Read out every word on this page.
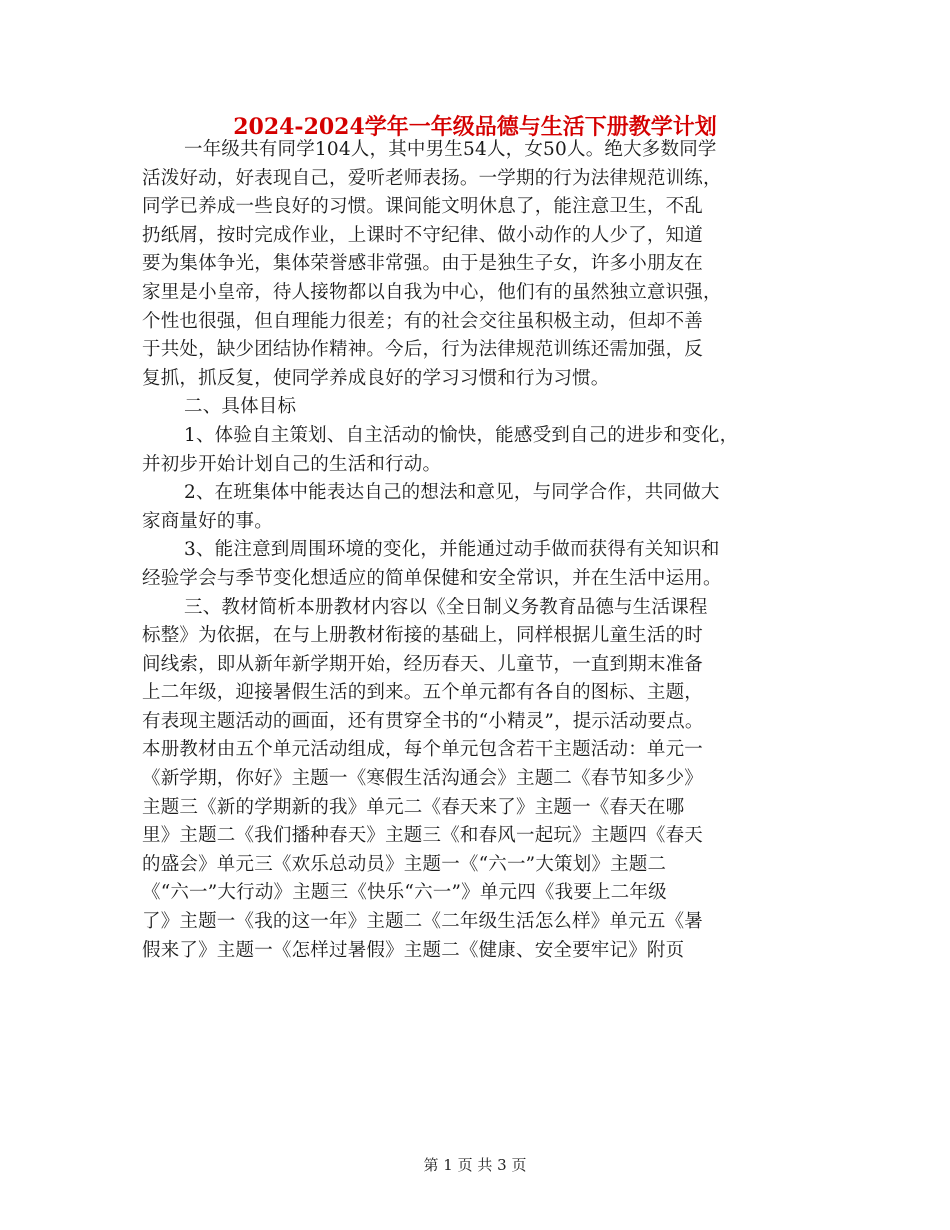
2024-2024学年一年级品德与生活下册教学计划
一年级共有同学104人，其中男生54人，女50人。绝大多数同学
活泼好动，好表现自己，爱听老师表扬。一学期的行为法律规范训练，
同学已养成一些良好的习惯。课间能文明休息了，能注意卫生，不乱
扔纸屑，按时完成作业，上课时不守纪律、做小动作的人少了，知道
要为集体争光，集体荣誉感非常强。由于是独生子女，许多小朋友在
家里是小皇帝，待人接物都以自我为中心，他们有的虽然独立意识强，
个性也很强，但自理能力很差；有的社会交往虽积极主动，但却不善
于共处，缺少团结协作精神。今后，行为法律规范训练还需加强，反
复抓，抓反复，使同学养成良好的学习习惯和行为习惯。
二、具体目标
1、体验自主策划、自主活动的愉快，能感受到自己的进步和变化，
并初步开始计划自己的生活和行动。
2、在班集体中能表达自己的想法和意见，与同学合作，共同做大
家商量好的事。
3、能注意到周围环境的变化，并能通过动手做而获得有关知识和
经验学会与季节变化想适应的简单保健和安全常识，并在生活中运用。
三、教材简析本册教材内容以《全日制义务教育品德与生活课程
标整》为依据，在与上册教材衔接的基础上，同样根据儿童生活的时
间线索，即从新年新学期开始，经历春天、儿童节，一直到期末准备
上二年级，迎接暑假生活的到来。五个单元都有各自的图标、主题，
有表现主题活动的画面，还有贯穿全书的“小精灵”，提示活动要点。
本册教材由五个单元活动组成，每个单元包含若干主题活动：单元一
《新学期，你好》主题一《寒假生活沟通会》主题二《春节知多少》
主题三《新的学期新的我》单元二《春天来了》主题一《春天在哪
里》主题二《我们播种春天》主题三《和春风一起玩》主题四《春天
的盛会》单元三《欢乐总动员》主题一《“六一”大策划》主题二
《“六一”大行动》主题三《快乐“六一”》单元四《我要上二年级
了》主题一《我的这一年》主题二《二年级生活怎么样》单元五《暑
假来了》主题一《怎样过暑假》主题二《健康、安全要牢记》附页
第 1 页 共 3 页
